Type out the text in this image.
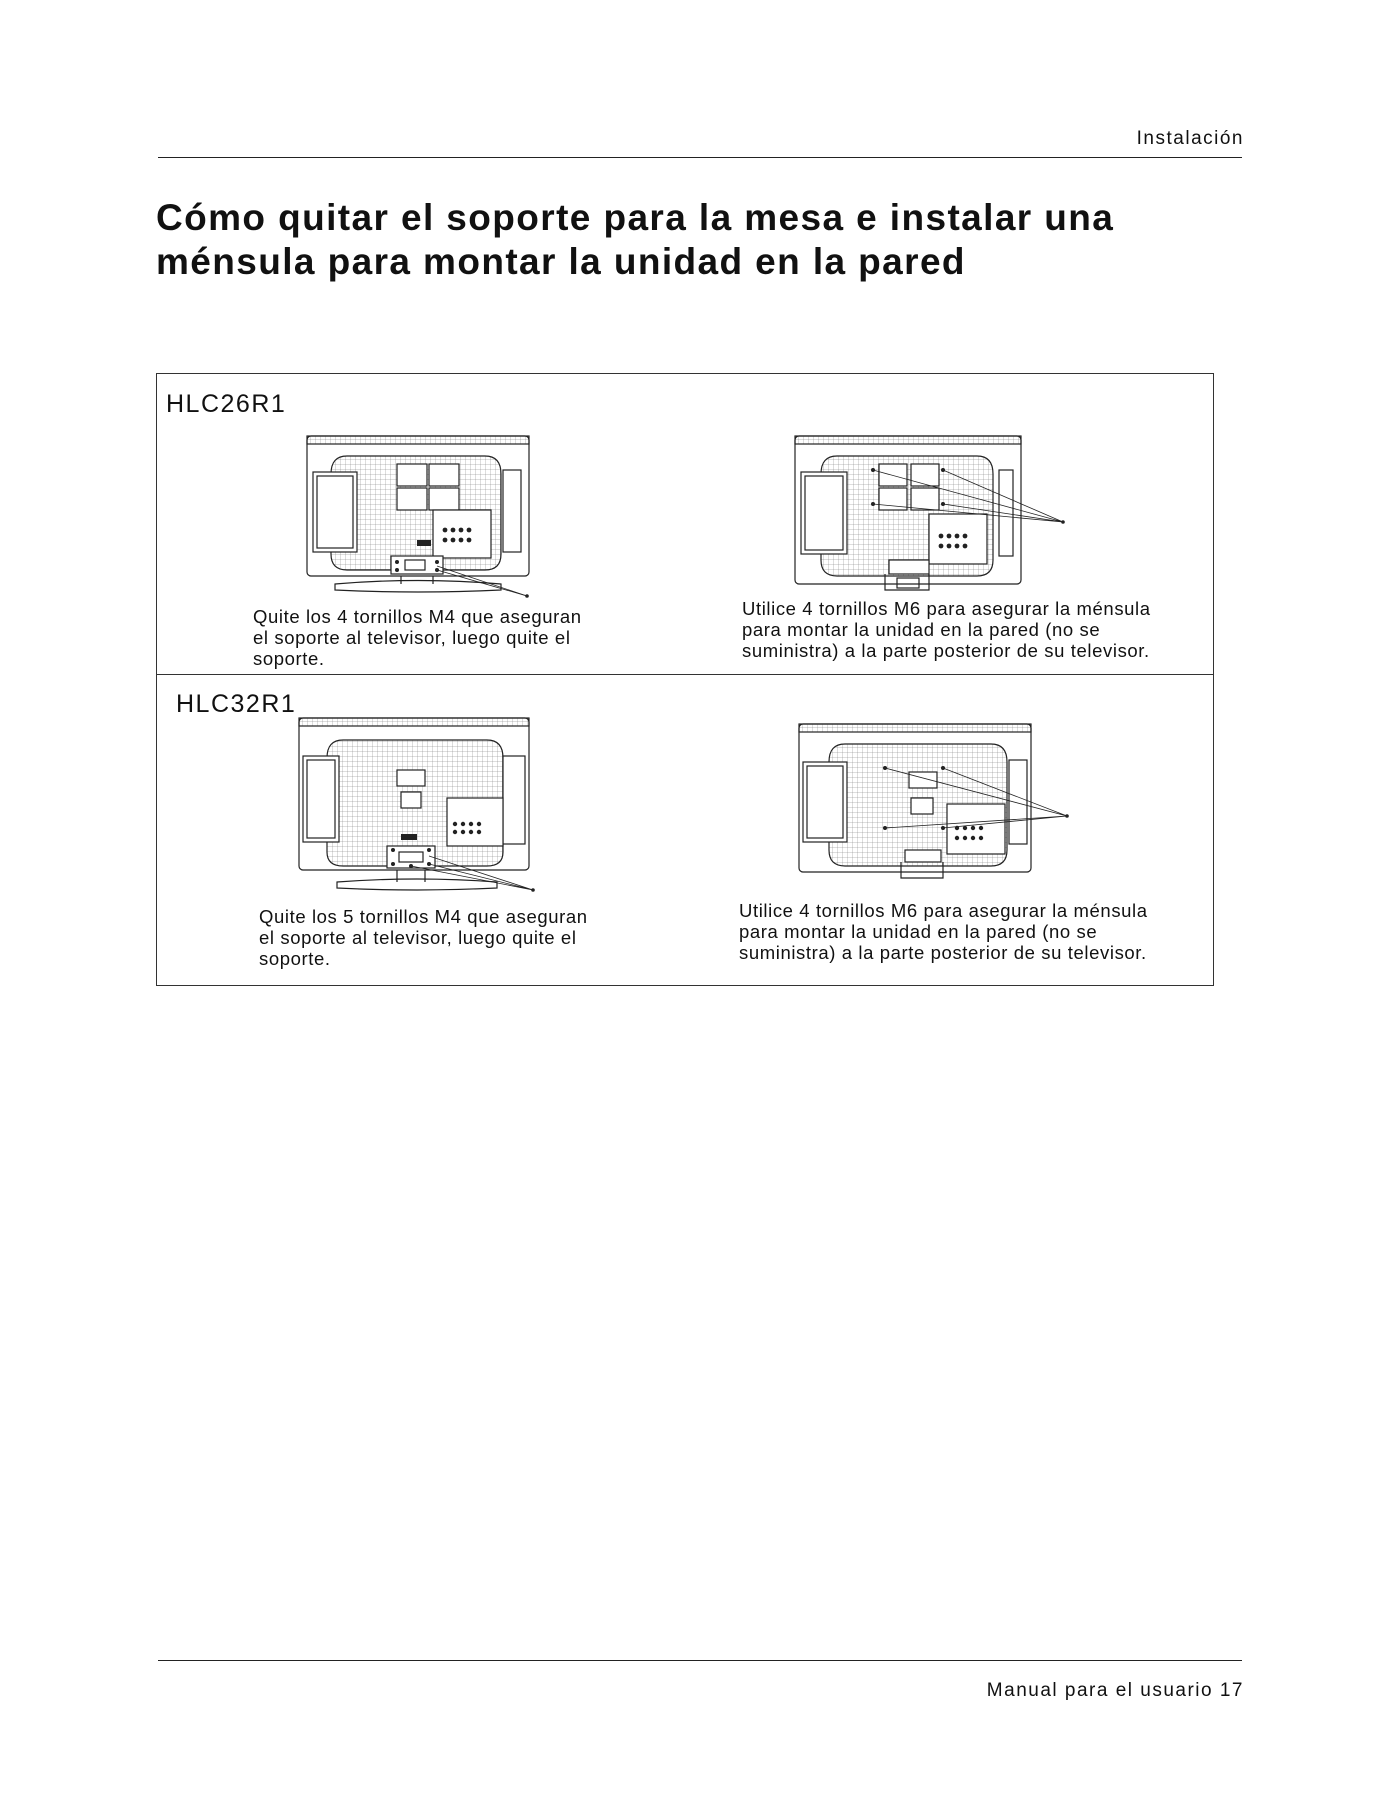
Instalación
Cómo quitar el soporte para la mesa e instalar una
ménsula para montar la unidad en la pared
HLC26R1
Quite los 4 tornillos M4 que aseguran
el soporte al televisor, luego quite el
soporte.
Utilice 4 tornillos M6 para asegurar la ménsula
para montar la unidad en la pared (no se
suministra) a la parte posterior de su televisor.
HLC32R1
Quite los 5 tornillos M4 que aseguran
el soporte al televisor, luego quite el
soporte.
Utilice 4 tornillos M6 para asegurar la ménsula
para montar la unidad en la pared (no se
suministra) a la parte posterior de su televisor.
Manual para el usuario 17
